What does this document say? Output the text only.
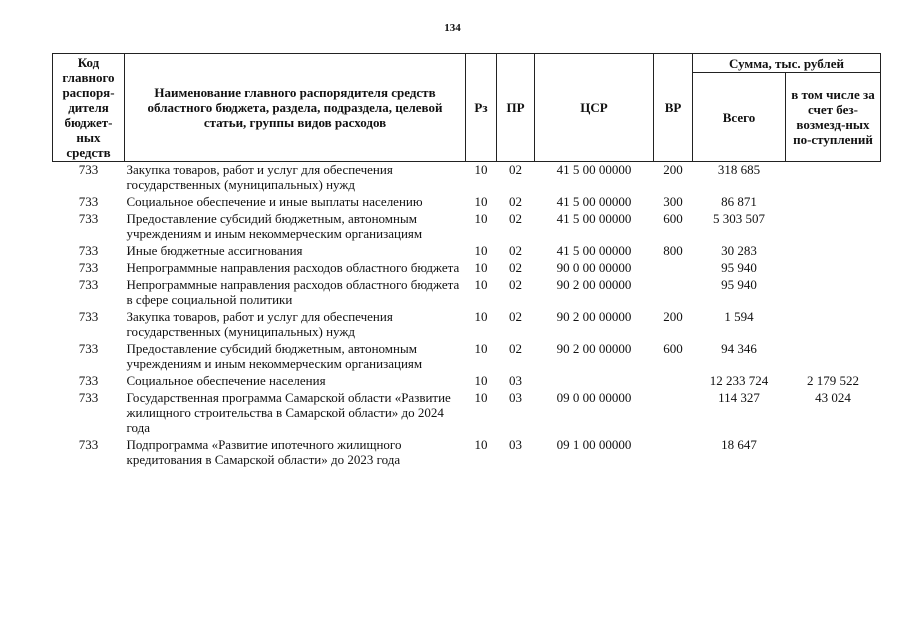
134
Код главного распоря-дителя бюджет-ных средств	Наименование главного распорядителя средств областного бюджета, раздела, подраздела, целевой статьи, группы видов расходов	Рз	ПР	ЦСР	ВР	Сумма, тыс. рублей	
						Всего	в том числе за счет без-возмезд-ных по-ступлений
733	Закупка товаров, работ и услуг для обеспечения государственных (муниципальных) нужд	10	02	41 5 00 00000	200	318 685	
733	Социальное обеспечение и иные выплаты населению	10	02	41 5 00 00000	300	86 871	
733	Предоставление субсидий бюджетным, автономным учреждениям и иным некоммерческим организациям	10	02	41 5 00 00000	600	5 303 507	
733	Иные бюджетные ассигнования	10	02	41 5 00 00000	800	30 283	
733	Непрограммные направления расходов областного бюджета	10	02	90 0 00 00000		95 940	
733	Непрограммные направления расходов областного бюджета в сфере социальной политики	10	02	90 2 00 00000		95 940	
733	Закупка товаров, работ и услуг для обеспечения государственных (муниципальных) нужд	10	02	90 2 00 00000	200	1 594	
733	Предоставление субсидий бюджетным, автономным учреждениям и иным некоммерческим организациям	10	02	90 2 00 00000	600	94 346	
733	Социальное обеспечение населения	10	03			12 233 724	2 179 522
733	Государственная программа Самарской области «Развитие жилищного строительства в Самарской области» до 2024 года	10	03	09 0 00 00000		114 327	43 024
733	Подпрограмма «Развитие ипотечного жилищного кредитования в Самарской области» до 2023 года	10	03	09 1 00 00000		18 647	
